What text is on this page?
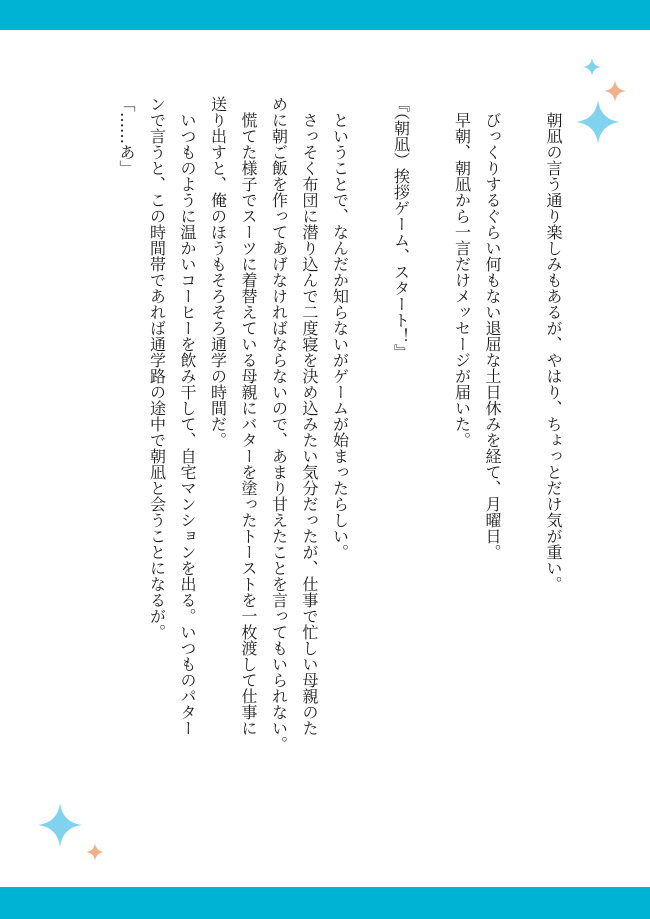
朝凪の言う通り楽しみもあるが、やはり、ちょっとだけ気が重い。

びっくりするぐらい何もない退屈な土日休みを経て、月曜日。

早朝、朝凪から一言だけメッセージが届いた。

『（朝凪）挨拶ゲーム、スタート！』

ということで、なんだか知らないがゲームが始まったらしい。

さっそく布団に潜り込んで二度寝を決め込みたい気分だったが、仕事で忙しい母親のた

めに朝ご飯を作ってあげなければならないので、あまり甘えたことを言ってもいられない。

慌てた様子でスーツに着替えている母親にバターを塗ったトーストを一枚渡して仕事に

送り出すと、俺のほうもそろそろ通学の時間だ。

いつものように温かいコーヒーを飲み干して、自宅マンションを出る。いつものパター

ンで言うと、この時間帯であれば通学路の途中で朝凪と会うことになるが。

「……あ」
